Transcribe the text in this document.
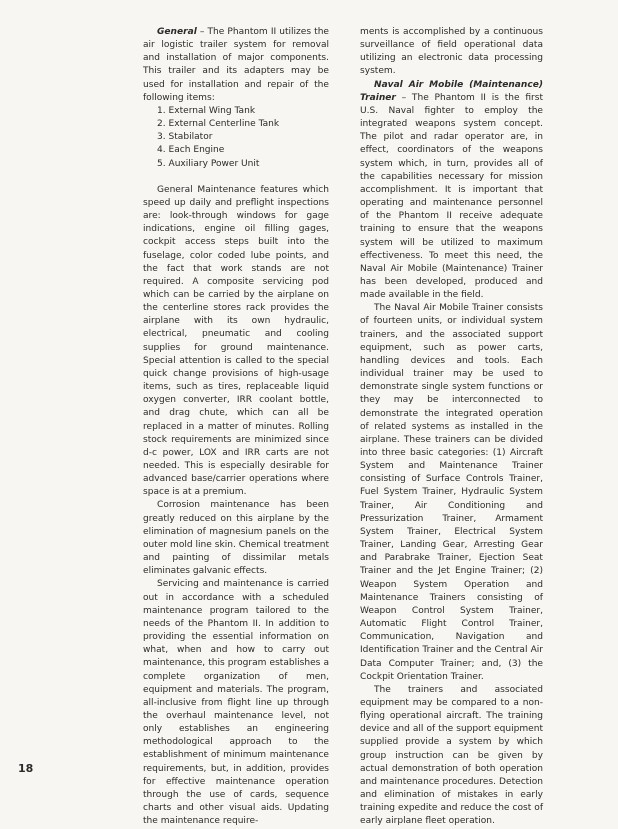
General – The Phantom II utilizes the air logistic trailer system for removal and installation of major components. This trailer and its adapters may be used for installation and repair of the following items:

1. External Wing Tank
2. External Centerline Tank
3. Stabilator
4. Each Engine
5. Auxiliary Power Unit

General Maintenance features which speed up daily and preflight inspections are: look-through windows for gage indications, engine oil filling gages, cockpit access steps built into the fuselage, color coded lube points, and the fact that work stands are not required. A composite servicing pod which can be carried by the airplane on the centerline stores rack provides the airplane with its own hydraulic, electrical, pneumatic and cooling supplies for ground maintenance. Special attention is called to the special quick change provisions of high-usage items, such as tires, replaceable liquid oxygen converter, IRR coolant bottle, and drag chute, which can all be replaced in a matter of minutes. Rolling stock requirements are minimized since d-c power, LOX and IRR carts are not needed. This is especially desirable for advanced base/carrier operations where space is at a premium.

Corrosion maintenance has been greatly reduced on this airplane by the elimination of magnesium panels on the outer mold line skin. Chemical treatment and painting of dissimilar metals eliminates galvanic effects.

Servicing and maintenance is carried out in accordance with a scheduled maintenance program tailored to the needs of the Phantom II. In addition to providing the essential information on what, when and how to carry out maintenance, this program establishes a complete organization of men, equipment and materials. The program, all-inclusive from flight line up through the overhaul maintenance level, not only establishes an engineering methodological approach to the establishment of minimum maintenance requirements, but, in addition, provides for effective maintenance operation through the use of cards, sequence charts and other visual aids. Updating the maintenance require-

ments is accomplished by a continuous surveillance of field operational data utilizing an electronic data processing system.

Naval Air Mobile (Maintenance) Trainer – The Phantom II is the first U.S. Naval fighter to employ the integrated weapons system concept. The pilot and radar operator are, in effect, coordinators of the weapons system which, in turn, provides all of the capabilities necessary for mission accomplishment. It is important that operating and maintenance personnel of the Phantom II receive adequate training to ensure that the weapons system will be utilized to maximum effectiveness. To meet this need, the Naval Air Mobile (Maintenance) Trainer has been developed, produced and made available in the field.

The Naval Air Mobile Trainer consists of fourteen units, or individual system trainers, and the associated support equipment, such as power carts, handling devices and tools. Each individual trainer may be used to demonstrate single system functions or they may be interconnected to demonstrate the integrated operation of related systems as installed in the airplane. These trainers can be divided into three basic categories: (1) Aircraft System and Maintenance Trainer consisting of Surface Controls Trainer, Fuel System Trainer, Hydraulic System Trainer, Air Conditioning and Pressurization Trainer, Armament System Trainer, Electrical System Trainer, Landing Gear, Arresting Gear and Parabrake Trainer, Ejection Seat Trainer and the Jet Engine Trainer; (2) Weapon System Operation and Maintenance Trainers consisting of Weapon Control System Trainer, Automatic Flight Control Trainer, Communication, Navigation and Identification Trainer and the Central Air Data Computer Trainer; and, (3) the Cockpit Orientation Trainer.

The trainers and associated equipment may be compared to a non-flying operational aircraft. The training device and all of the support equipment supplied provide a system by which group instruction can be given by actual demonstration of both operation and maintenance procedures. Detection and elimination of mistakes in early training expedite and reduce the cost of early airplane fleet operation.

18
